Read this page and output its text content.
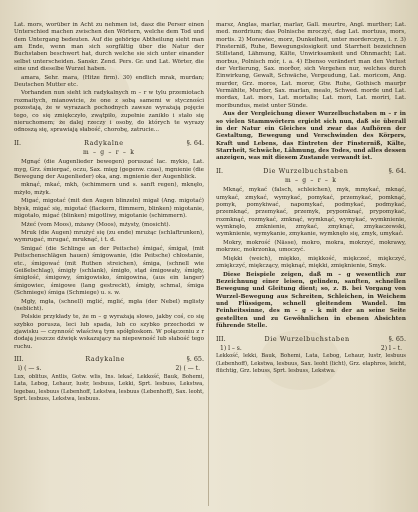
Lat. mors, worüber in Acht zu nehmen ist, dasz die Perser einen Unterschied machen zwischen den Wörtern, welche dem Tod und dem Untergang bedeuten. Auf die gehörige Abtheilung sieht man am Ende, wenn man sich sorgfältig über die Natur der Buchstaben beschwert hat, durch welche sie sich unter einander selbst unterscheiden. Sanskr. Zend. Pers. Gr. und Lat. Wörter, die eine und dieselbe Wurzel haben.

amara, Sehr. mara, (Hitze firm). 30) endlich mrak, murdan; Deutschen Mutter etc.

Vorhanden nun sieht ich radykalnych m – r w tylu przemiotach rozmaitych, mianowicie, że one z sobą samemi w styczności pozostają, że w wyrazach pochodnych zawsze wyrażają pojęcie tego, co się zmiękczyło, zwątpiło, zupełnie zanikło i stało się nieruchomem; że dalej rzeczy i osoby, do których te wyrazy odnoszą się, sprawiają słabość, chorobę, zatrucie...

II.	Radykalne	§. 64.
m – g – r – k

Mgnąć (die Augenlieder bewegen) poruszać łac. mykio, Lat. myg, Grz. śmiergać, oczu, Sax. mięg (gegenw. czas), mgnienie (die Bewegung der Augenlieder) oka, ang. mgnienie der Augenblick.

mknąć, mkać, mkh, (schimmern und s. sanft regen), mknęło, mżyło, mżyk.

Migać, migotać (mit den Augen blinzeln) migał (Ang. migotać) błysk, migać się, migotać (flackern, flimmern, blinken) migotanie, migotało, migać (blinken) migotliwy, migotanie (schimmern).

Mżeć (vom Moos), mżawy (Moos), mżysty, (mosicht).

Mruk (die Augen) mrużyć się (zu ende) mrużąc (schlaftrunken), wymrugać, mrugać, mruknąć, i t. d.

Smigać (die Schlinge an der Peitsche) śmigać, śmigał, (mit Peitschenschlägen hauen) śmigowanie, (die Peitsche) chłostanie, etc., śmigować (mit Ruthen streichen), śmiga, (schnell wie Geißelschlag), śmigły (schlank), śmigło, stąd śmigowaty, śmigły, śmigłość, śmigowy, śmigowisko, śmigowina, (aus ein langer) śmigowiec, śmigowe (lang gestreckt), śmigły, schmal, śmiga (Schmiege) śmiga (Schmiege) u. s. w.

Mgły, mgła, (schnell) mglić, mglić, mgła (der Nebel) mglisty (neblicht).

Polskie przykłady te, że m – g wyrażają słowo, jakby coś, co się szybko porusza, leci lub spada, lub co szybko przechodzi w zjawisku — czynność właściwą tym spółgłoskom. W połączeniu z r dodają jeszcze dźwięk wskazujący na niepewność lub słabość tego ruchu.

III.	Radykalne	§. 65.
i) ( — s.	2) ( — t.

Lux, oblitus, Antlis, Gotw. wlis, Ins. lekać, Lekkość, Bauk, Bohemi, Lata, Lebog, Lehaur, lustr, lesbuus, Lekki, Sprt. lesbuss, Lekstwa, legebau, lesbuus (Lebenhoff, Lekstwa, lesbuus (Lebenhoff), Sax. leoht, Sprt. lesbuss, Lekstwa, lesbuus.

marsz, Anglas, marlar, marlar, Gall. meurtre, Angl. murther; Lat. med. mordrium; das Polnische mroczyć, dag Lat. mortuus, mors, mortis. 2) Morawiec, morz, Dunkelheit, unter morderczym, i. r. 3) Finsterniß, Ruhe, Bewegungslosigkeit und Starrheit bezeichnen Stillstand, Lähmung, Kälte, Unwirksamkeit und Ohnmacht; Lat. morbus, Polnisch mór, i. a. 4) Ebenso verändert man den Verlust der Verlierung, Sax. morðor, sich Vergehen nur, welches durch Einwirkung, Gewalt, Schwäche, Vergeudung, Lat. moricom, Ang. murder, Grz. moros, Lat. moror, Gtw. Ruhe, Gothisch maurþr Vermählte, Murder, Sax. marlan, mealo, Schwed. morde und Lat. mordax, Lat. mors, Lat. mortalis; Lat. mori, Lat. moriri, Lat. moribundus, meist unter Sünde.

Aus der Vergleichung dieser Wurzelbuchstaben m – r in so vielen Stammwörtern ergiebt sich nun, daß sie überall in der Natur ein Gleiches und zwar das Aufhören der Gestaltung, Bewegung und Verschwinden des Körpers, Kraft und Lebens, das Eintreten der Finsterniß, Kälte, Starrheit, Schwäche, Lähmung, des Todes, und alles dessen anzeigen, was mit diesem Zustande verwandt ist.

II.	Die Wurzelbuchstaben	§. 64.
m – g – r – k

Mknąć, mykać (falsch, schleichen), myk, mmykać, mknąć, umykać, zmykać, wymykać, pomykać, przemykać, pomknąć, pomyk, pomykiwać, napomykać, podmykać, podmykać, przemknąć, przemykać, przemyk, prypomknąć, prypomykać, rozmknąć, rozmykać, zmknąć, wymknąć, wymykać, wymknienie, wymknęło, zmknienie, zmykać, zmyknąć, zmykaczewski, wymknienie, wymykanie, zmykanie, wymknęło się, zmyk, umykać.

Mokry, mokrość (Nässe), mokro, mokra, mokrzyć, mokrawy, mokrzec, mokrzonka, umoczyć.

Miękki (weich), miękko, miękkość, miękczeć, miękczyć, zmiękczyć, miękczący, mięknąć, miękki, zmięknienie, Smyk.

Diese Beispiele zeigen, daß m – g wesentlich zur Bezeichnung einer leisen, gelinden, sanften, schnellen Bewegung und Gleitung dient; so, z. B. bei Vorgang von Wurzel-Bewegung aus Schreiten, Schleichen, in Weichem und Flüssigem, schnell gleitendem Wandel. Im Feinheitssinne, des m – g – k mit der an seine Seite gestellten und zu Gewöhnlichen in ebenen Absichten führende Stelle.

III.	Die Wurzelbuchstaben	§. 65.
1) l – s.	2) l – t.

Lekkość, lekki, Bauk, Bohemi, Lata, Lebog, Lehaur, lustr, lesbuus (Lebenhoff), Lekstwa, lesbuus, Sax. leoht (licht), Grz. elaphros, leicht, flüchtig, Grz. lebuss, Sprt. lesbuss, Lekstwa.
